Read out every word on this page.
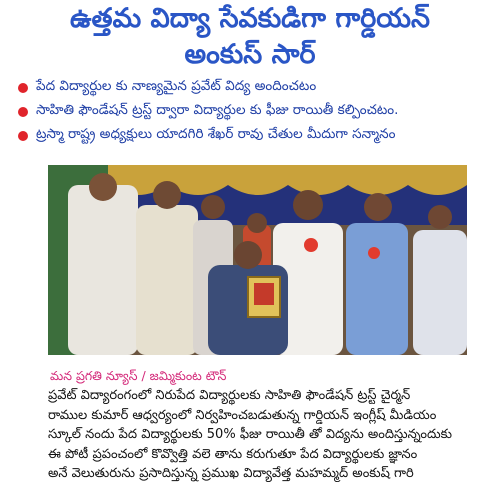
ఉత్తమ విద్యా సేవకుడిగా గార్డియన్
అంకుస్ సార్
పేద విద్యార్థుల కు నాణ్యమైన ప్రవేట్ విద్య అందించటం
సాహితి ఫౌండేషన్ ట్రస్ట్ ద్వారా విద్యార్థుల కు ఫీజు రాయితీ కల్పించటం.
ట్రస్మా రాష్ట్ర అధ్యక్షులు యాదగిరి శేఖర్ రావు చేతుల మీదుగా సన్మానం
మన ప్రగతి న్యూస్ / జమ్మికుంట టౌన్
ప్రవేట్ విద్యారంగంలో నిరుపేద విద్యార్థులకు సాహితి ఫౌండేషన్ ట్రస్ట్ చైర్మన్
రాముల కుమార్ ఆధ్వర్యంలో నిర్వహించబడుతున్న గార్డియన్ ఇంగ్లీష్ మీడియం
స్కూల్ నందు పేద విద్యార్థులకు 50% ఫీజు రాయితీ తో విద్యను అందిస్తున్నందుకు
ఈ పోటీ ప్రపంచంలో కొవ్వొత్తి వలె తాను కరుగుతూ పేద విద్యార్థులకు జ్ఞానం
అనే వెలుతురును ప్రసాదిస్తున్న ప్రముఖ విద్యావేత్త మహమ్మద్ అంకుష్ గారి
